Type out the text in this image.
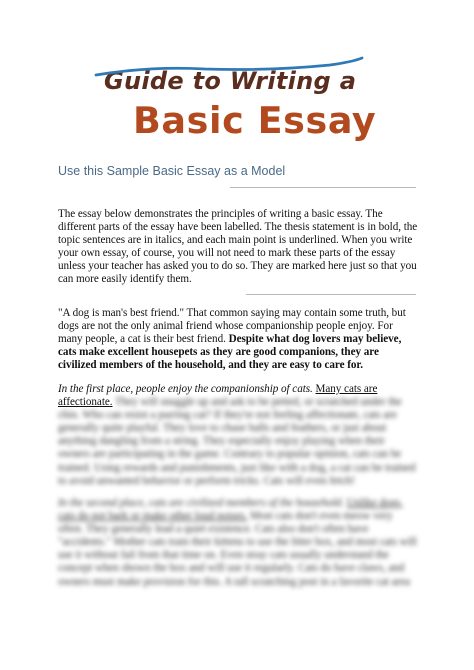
Guide to Writing a
Basic Essay

Use this Sample Basic Essay as a Model

The essay below demonstrates the principles of writing a basic essay. The different parts of the essay have been labelled. The thesis statement is in bold, the topic sentences are in italics, and each main point is underlined. When you write your own essay, of course, you will not need to mark these parts of the essay unless your teacher has asked you to do so. They are marked here just so that you can more easily identify them.

"A dog is man's best friend." That common saying may contain some truth, but dogs are not the only animal friend whose companionship people enjoy. For many people, a cat is their best friend. Despite what dog lovers may believe, cats make excellent housepets as they are good companions, they are civilized members of the household, and they are easy to care for.

In the first place, people enjoy the companionship of cats. Many cats are affectionate. They will snuggle up and ask to be petted, or scratched under the chin. Who can resist a purring cat? If they're not feeling affectionate, cats are generally quite playful. They love to chase balls and feathers, or just about anything dangling from a string. They especially enjoy playing when their owners are participating in the game. Contrary to popular opinion, cats can be trained. Using rewards and punishments, just like with a dog, a cat can be trained to avoid unwanted behavior or perform tricks. Cats will even fetch!

In the second place, cats are civilized members of the household. Unlike dogs, cats do not bark or make other loud noises. Most cats don't even meow very often. They generally lead a quiet existence. Cats also don't often have "accidents." Mother cats train their kittens to use the litter box, and most cats will use it without fail from that time on. Even stray cats usually understand the concept when shown the box and will use it regularly. Cats do have claws, and owners must make provision for this. A tall scratching post in a favorite cat area
